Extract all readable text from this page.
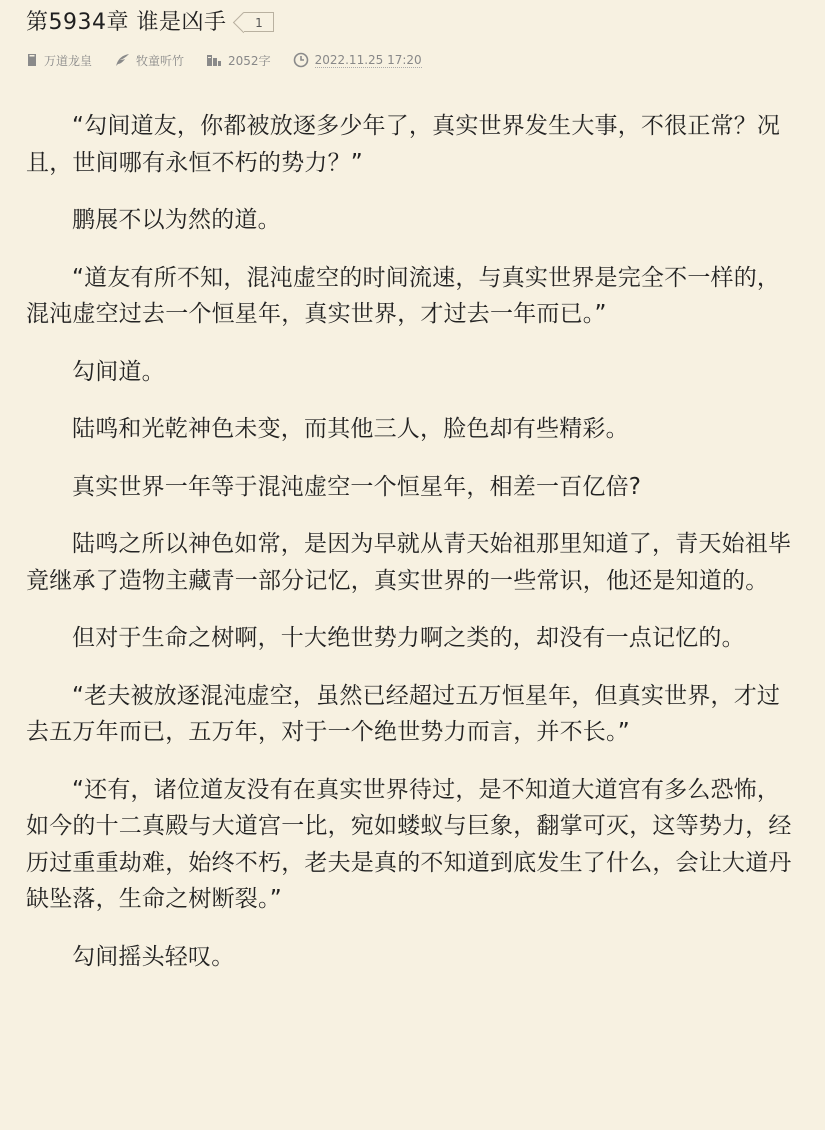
第5934章 谁是凶手	1
万道龙皇	牧童听竹	2052字	2022.11.25 17:20

“勾间道友，你都被放逐多少年了，真实世界发生大事，不很正常？况且，世间哪有永恒不朽的势力？”

鹏展不以为然的道。

“道友有所不知，混沌虚空的时间流速，与真实世界是完全不一样的，混沌虚空过去一个恒星年，真实世界，才过去一年而已。”

勾间道。

陆鸣和光乾神色未变，而其他三人，脸色却有些精彩。

真实世界一年等于混沌虚空一个恒星年，相差一百亿倍?

陆鸣之所以神色如常，是因为早就从青天始祖那里知道了，青天始祖毕竟继承了造物主藏青一部分记忆，真实世界的一些常识，他还是知道的。

但对于生命之树啊，十大绝世势力啊之类的，却没有一点记忆的。

“老夫被放逐混沌虚空，虽然已经超过五万恒星年，但真实世界，才过去五万年而已，五万年，对于一个绝世势力而言，并不长。”

“还有，诸位道友没有在真实世界待过，是不知道大道宫有多么恐怖，如今的十二真殿与大道宫一比，宛如蝼蚁与巨象，翻掌可灭，这等势力，经历过重重劫难，始终不朽，老夫是真的不知道到底发生了什么，会让大道丹缺坠落，生命之树断裂。”

勾间摇头轻叹。
